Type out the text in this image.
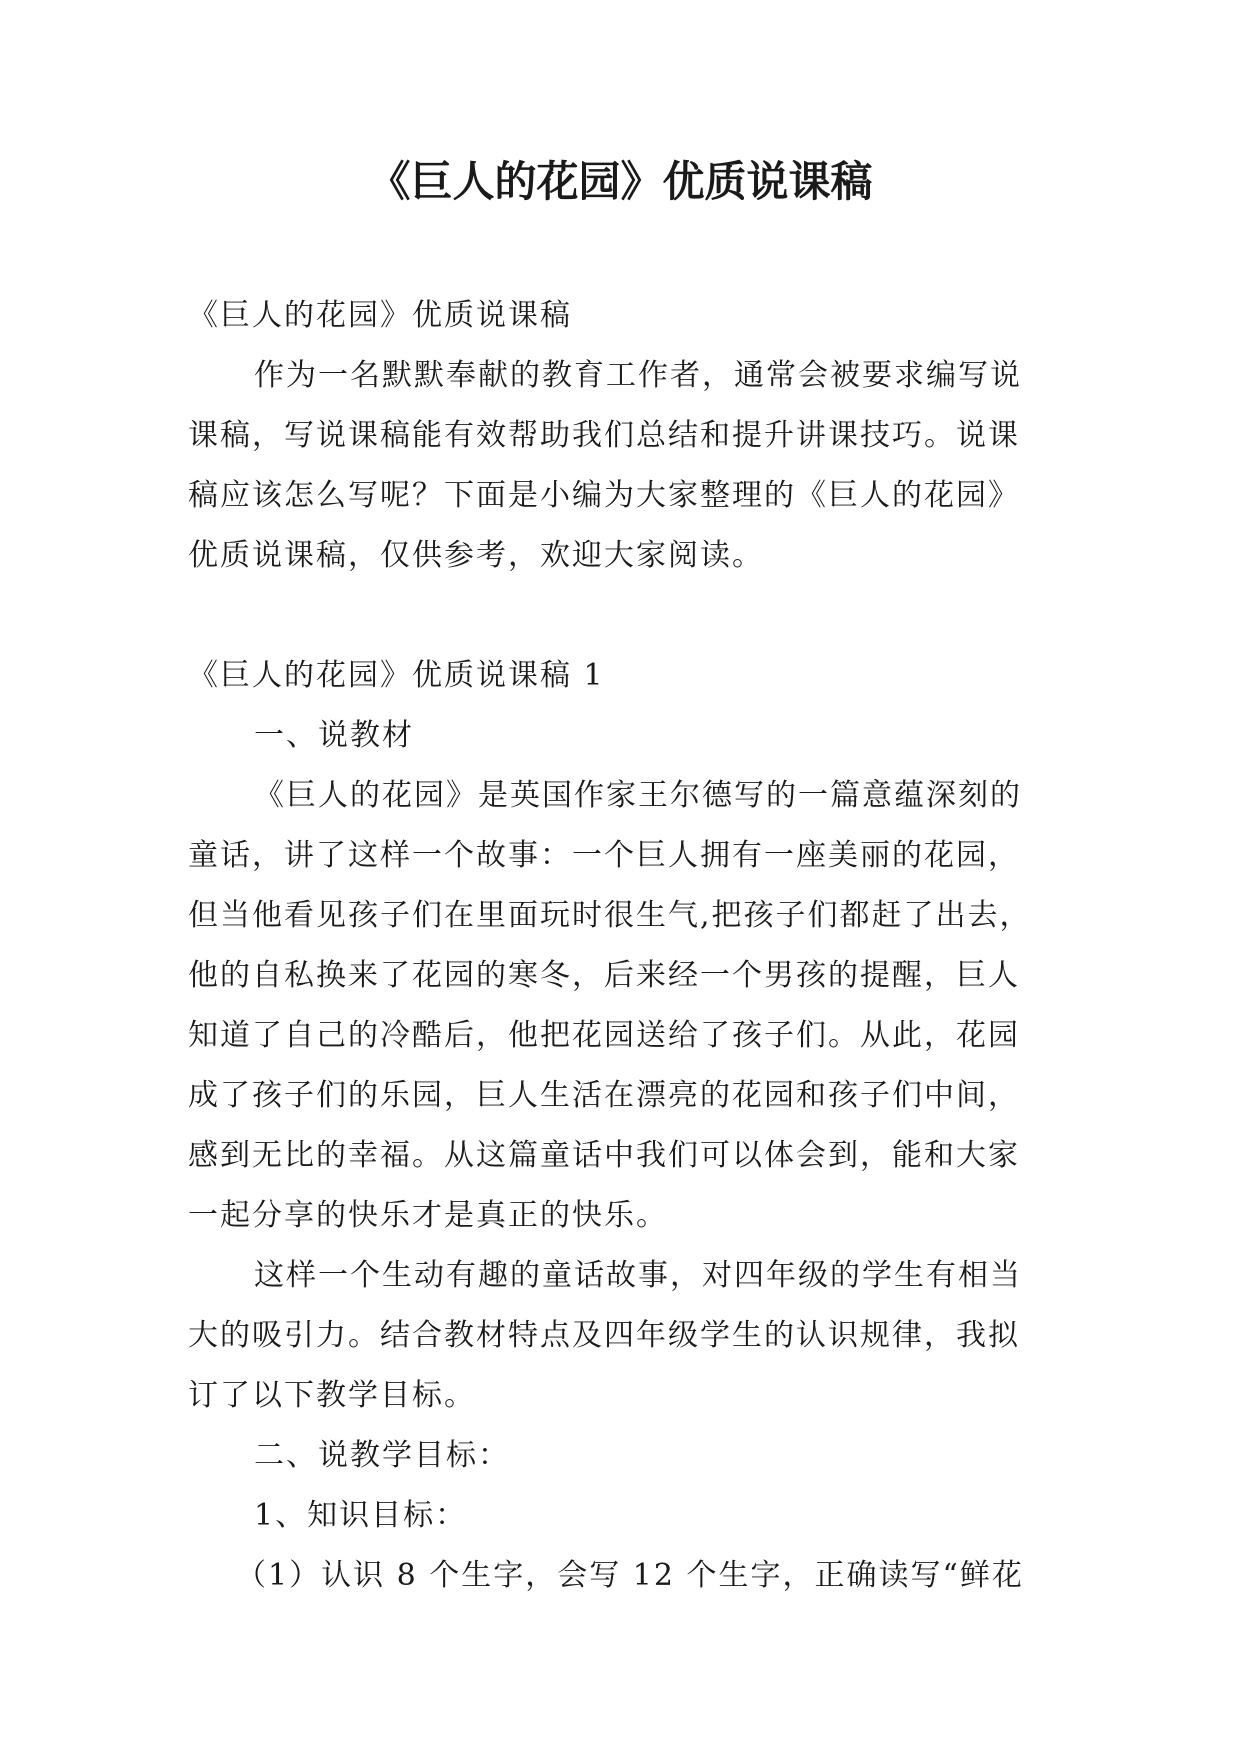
《巨人的花园》优质说课稿

《巨人的花园》优质说课稿

作为一名默默奉献的教育工作者，通常会被要求编写说课稿，写说课稿能有效帮助我们总结和提升讲课技巧。说课稿应该怎么写呢？下面是小编为大家整理的《巨人的花园》优质说课稿，仅供参考，欢迎大家阅读。

《巨人的花园》优质说课稿 1

一、说教材

《巨人的花园》是英国作家王尔德写的一篇意蕴深刻的童话，讲了这样一个故事：一个巨人拥有一座美丽的花园，但当他看见孩子们在里面玩时很生气,把孩子们都赶了出去，他的自私换来了花园的寒冬，后来经一个男孩的提醒，巨人知道了自己的冷酷后，他把花园送给了孩子们。从此，花园成了孩子们的乐园，巨人生活在漂亮的花园和孩子们中间，感到无比的幸福。从这篇童话中我们可以体会到，能和大家一起分享的快乐才是真正的快乐。

这样一个生动有趣的童话故事，对四年级的学生有相当大的吸引力。结合教材特点及四年级学生的认识规律，我拟订了以下教学目标。

二、说教学目标：

1、知识目标：

（1）认识 8 个生字，会写 12 个生字，正确读写“鲜花
